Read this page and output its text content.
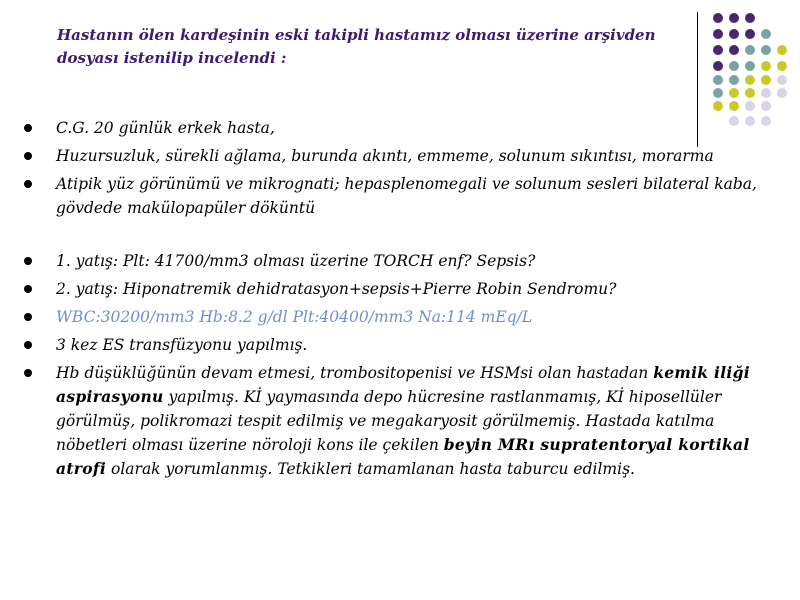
Hastanın ölen kardeşinin eski takipli hastamız olması üzerine arşivden dosyası istenilip incelendi :
C.G. 20 günlük erkek hasta,
Huzursuzluk, sürekli ağlama, burunda akıntı, emmeme, solunum sıkıntısı, morarma
Atipik yüz görünümü ve mikrognati; hepasplenomegali ve solunum sesleri bilateral kaba, gövdede makülopapüler döküntü
1. yatış: Plt: 41700/mm3 olması üzerine TORCH enf? Sepsis?
2. yatış: Hiponatremik dehidratasyon+sepsis+Pierre Robin Sendromu?
WBC:30200/mm3 Hb:8.2 g/dl Plt:40400/mm3 Na:114 mEq/L
3 kez ES transfüzyonu yapılmış.
Hb düşüklüğünün devam etmesi, trombositopenisi ve HSMsi olan hastadan kemik iliği aspirasyonu yapılmış. Kİ yaymasında depo hücresine rastlanmamış, Kİ hiposellüler görülmüş, polikromazi tespit edilmiş ve megakaryosit görülmemiş. Hastada katılma nöbetleri olması üzerine nöroloji kons ile çekilen beyin MRı supratentoryal kortikal atrofi olarak yorumlanmış. Tetkikleri tamamlanan hasta taburcu edilmiş.
